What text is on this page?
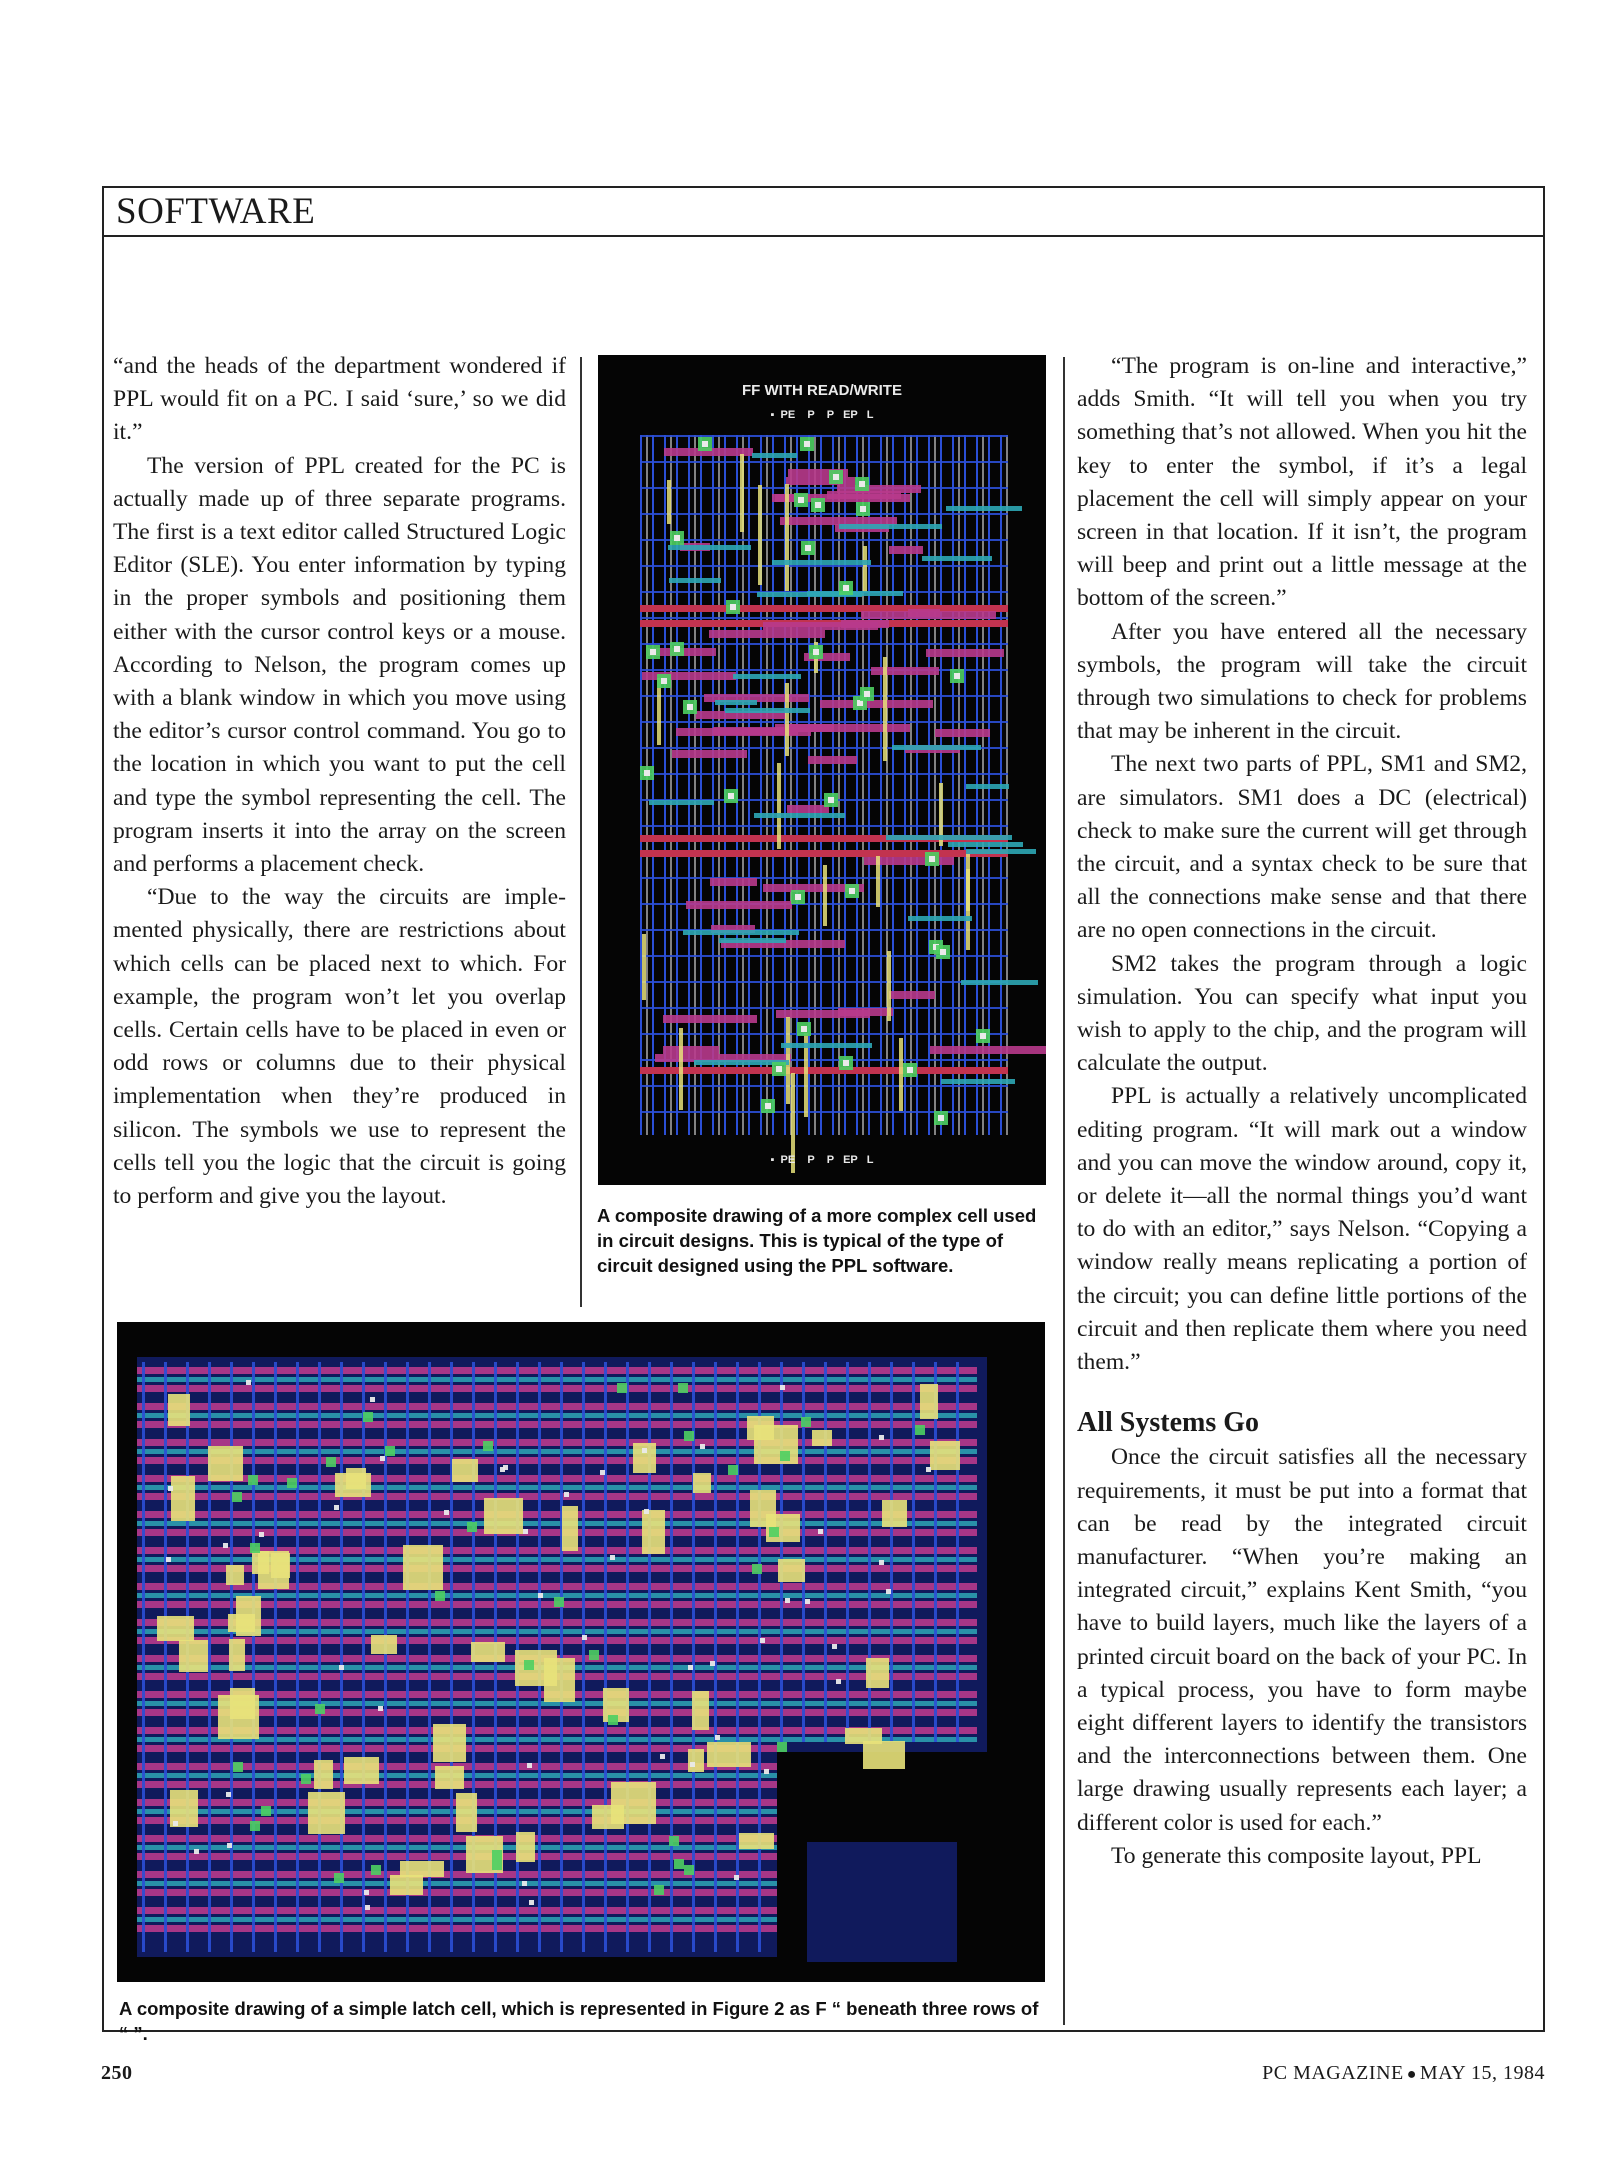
SOFTWARE

“and the heads of the department wondered if PPL would fit on a PC. I said ‘sure,’ so we did it.”

The version of PPL created for the PC is actually made up of three separate programs. The first is a text editor called Structured Logic Editor (SLE). You enter information by typing in the proper symbols and positioning them either with the cursor control keys or a mouse. According to Nelson, the program comes up with a blank window in which you move using the editor’s cursor control command. You go to the location in which you want to put the cell and type the symbol representing the cell. The program inserts it into the array on the screen and performs a placement check.

“Due to the way the circuits are implemented physically, there are restrictions about which cells can be placed next to which. For example, the program won’t let you overlap cells. Certain cells have to be placed in even or odd rows or columns due to their physical implementation when they’re produced in silicon. The symbols we use to represent the cells tell you the logic that the circuit is going to perform and give you the layout.

FF WITH READ/WRITE
▪  PE    P    P   EP   L
▪  PE    P    P   EP   L
A composite drawing of a more complex cell used in circuit designs. This is typical of the type of circuit designed using the PPL software.
A composite drawing of a simple latch cell, which is represented in Figure 2 as F “ beneath three rows of “ ”.

“The program is on-line and interactive,” adds Smith. “It will tell you when you try something that’s not allowed. When you hit the key to enter the symbol, if it’s a legal placement the cell will simply appear on your screen in that location. If it isn’t, the program will beep and print out a little message at the bottom of the screen.”

After you have entered all the necessary symbols, the program will take the circuit through two simulations to check for problems that may be inherent in the circuit.

The next two parts of PPL, SM1 and SM2, are simulators. SM1 does a DC (electrical) check to make sure the current will get through the circuit, and a syntax check to be sure that all the connections make sense and that there are no open connections in the circuit.

SM2 takes the program through a logic simulation. You can specify what input you wish to apply to the chip, and the program will calculate the output.

PPL is actually a relatively uncomplicated editing program. “It will mark out a window and you can move the window around, copy it, or delete it—all the normal things you’d want to do with an editor,” says Nelson. “Copying a window really means replicating a portion of the circuit; you can define little portions of the circuit and then replicate them where you need them.”

All Systems Go

Once the circuit satisfies all the necessary requirements, it must be put into a format that can be read by the integrated circuit manufacturer. “When you’re making an integrated circuit,” explains Kent Smith, “you have to build layers, much like the layers of a printed circuit board on the back of your PC. In a typical process, you have to form maybe eight different layers to identify the transistors and the interconnections between them. One large drawing usually represents each layer; a different color is used for each.”

To generate this composite layout, PPL

250	PC MAGAZINE ● MAY 15, 1984
